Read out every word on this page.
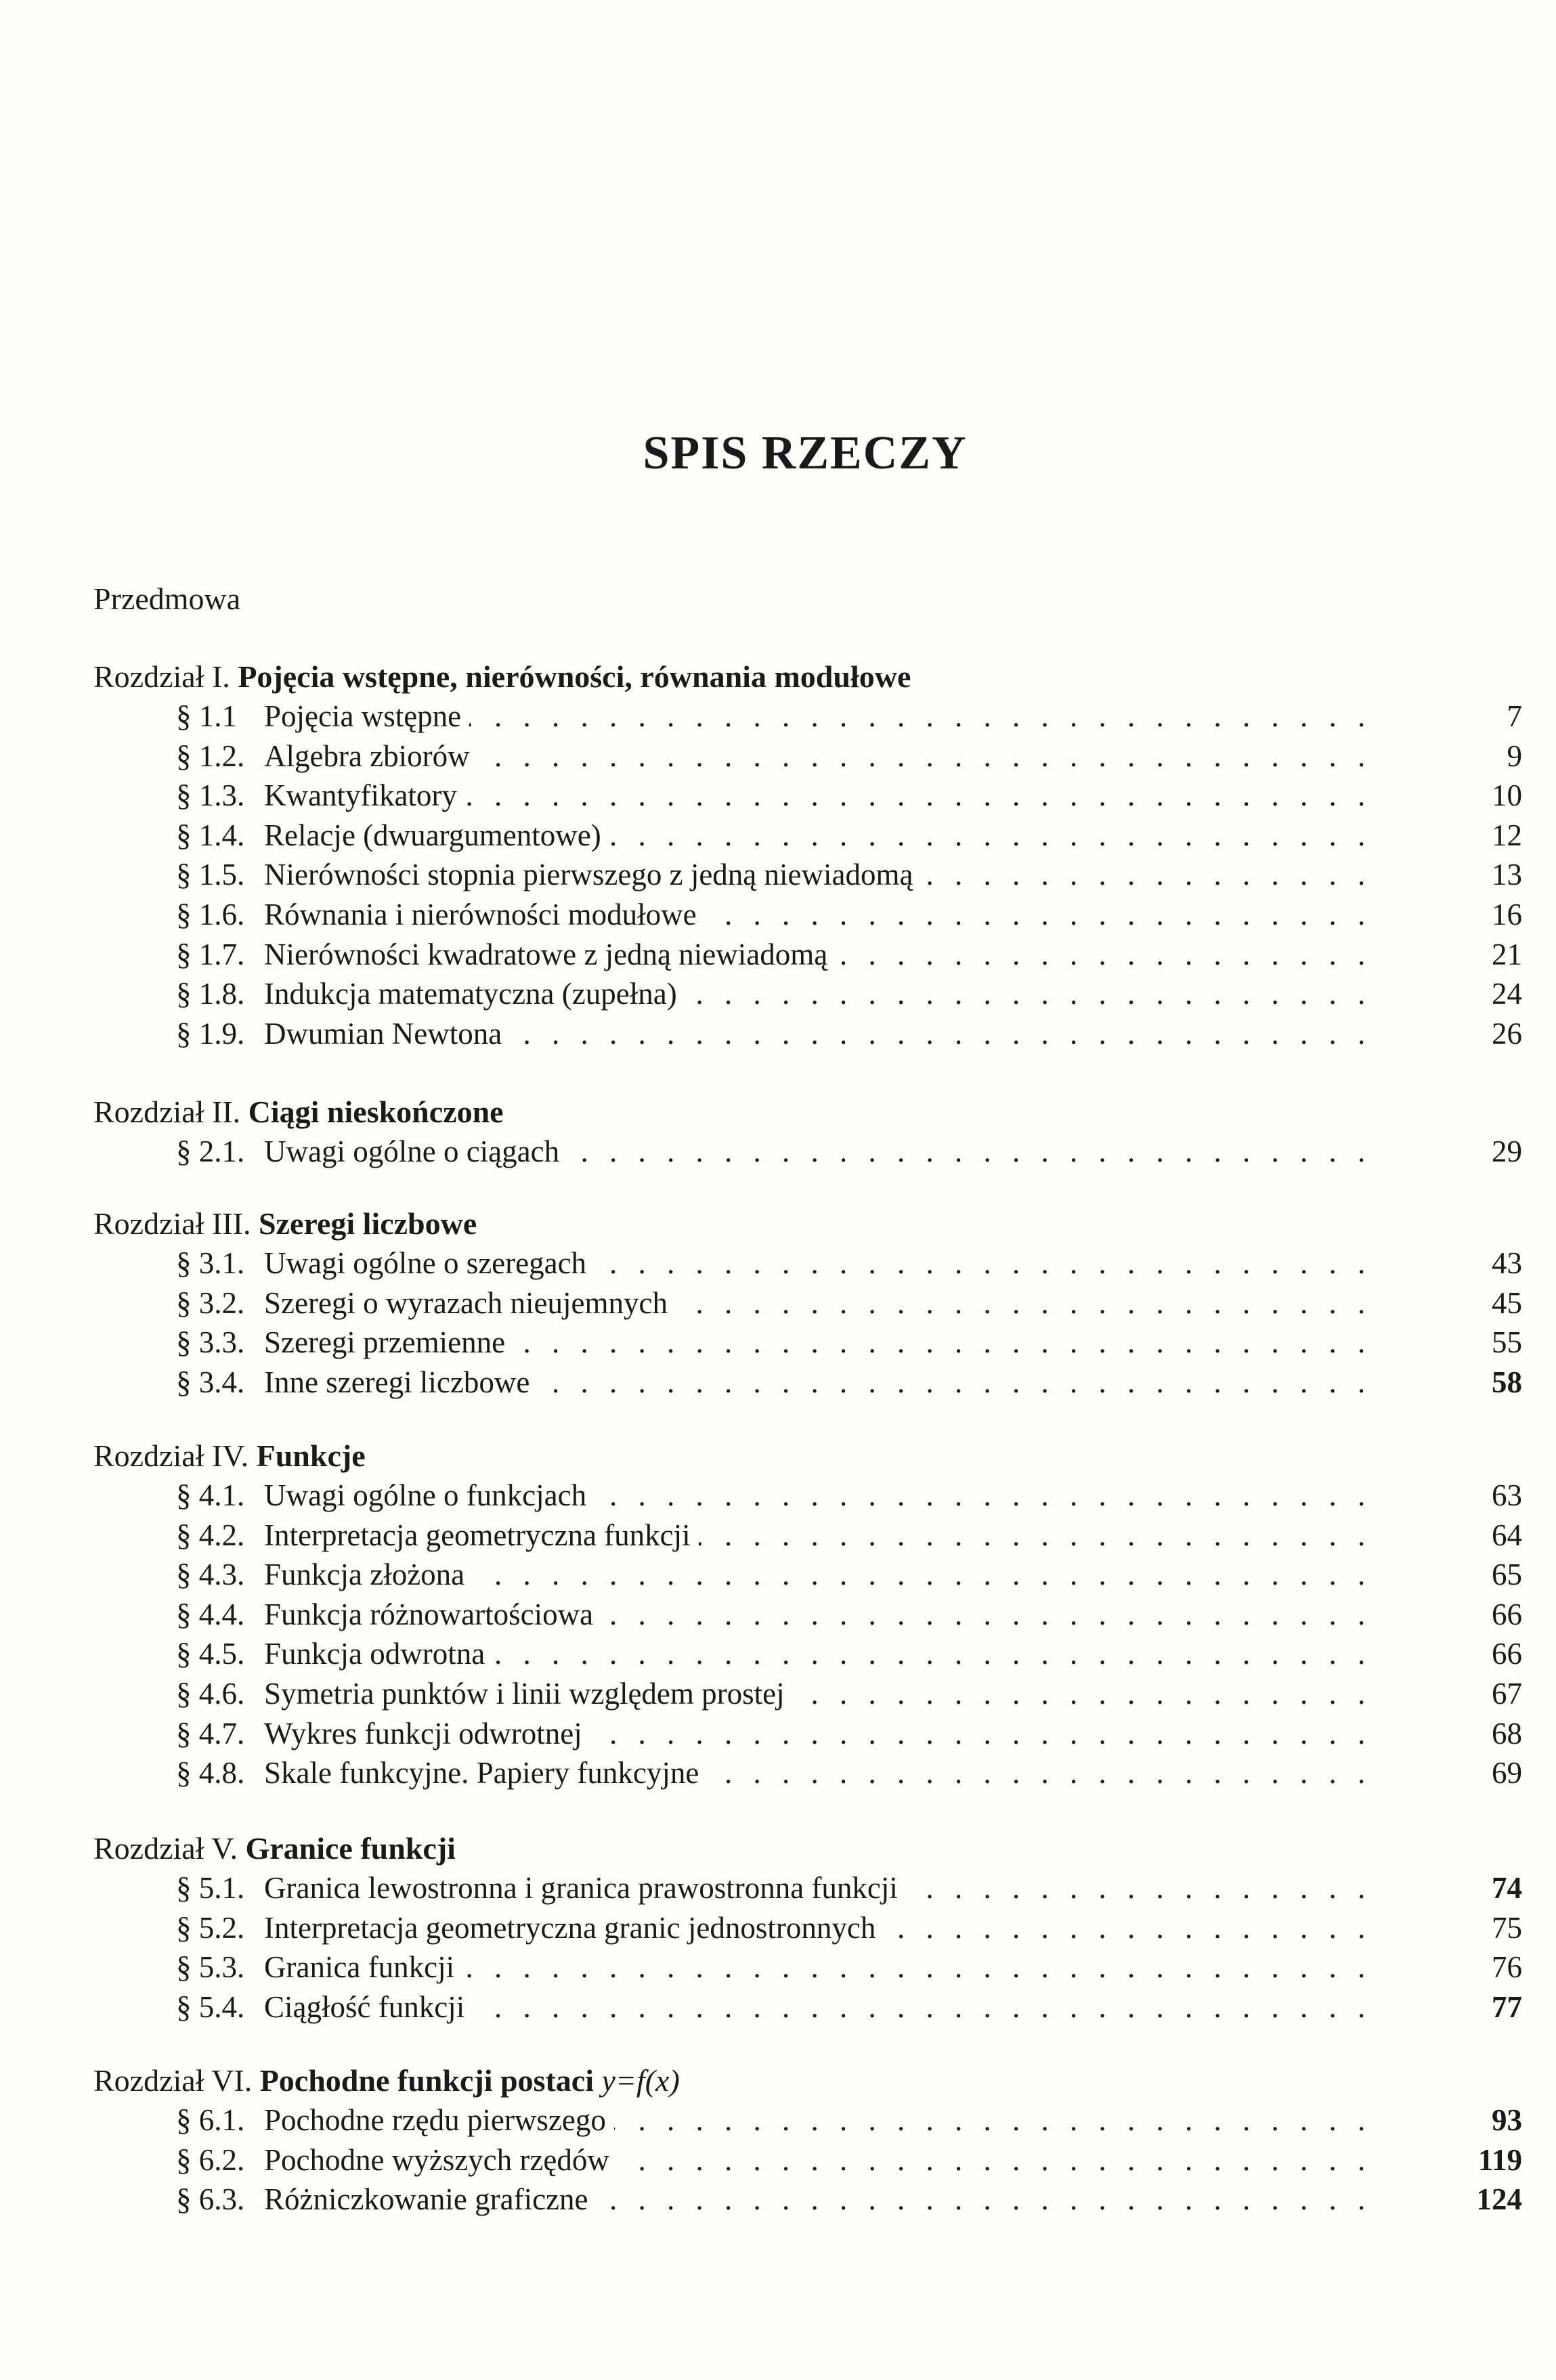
SPIS RZECZY
Przedmowa
Rozdział I. Pojęcia wstępne, nierówności, równania modułowe
§ 1.1 Pojęcia wstępne . . .	7
§ 1.2. Algebra zbiorów . . .	9
§ 1.3. Kwantyfikatory . . .	10
§ 1.4. Relacje (dwuargumentowe) . . .	12
§ 1.5. Nierówności stopnia pierwszego z jedną niewiadomą . . .	13
§ 1.6. Równania i nierówności modułowe . . .	16
§ 1.7. Nierówności kwadratowe z jedną niewiadomą . . .	21
§ 1.8. Indukcja matematyczna (zupełna) . . .	24
§ 1.9. Dwumian Newtona . . .	26
Rozdział II. Ciągi nieskończone
§ 2.1. Uwagi ogólne o ciągach . . .	29
Rozdział III. Szeregi liczbowe
§ 3.1. Uwagi ogólne o szeregach . . .	43
§ 3.2. Szeregi o wyrazach nieujemnych . . .	45
§ 3.3. Szeregi przemienne . . .	55
§ 3.4. Inne szeregi liczbowe . . .	58
Rozdział IV. Funkcje
§ 4.1. Uwagi ogólne o funkcjach . . .	63
§ 4.2. Interpretacja geometryczna funkcji . . .	64
§ 4.3. Funkcja złożona . . .	65
§ 4.4. Funkcja różnowartościowa . . .	66
§ 4.5. Funkcja odwrotna . . .	66
§ 4.6. Symetria punktów i linii względem prostej . . .	67
§ 4.7. Wykres funkcji odwrotnej . . .	68
§ 4.8. Skale funkcyjne. Papiery funkcyjne . . .	69
Rozdział V. Granice funkcji
§ 5.1. Granica lewostronna i granica prawostronna funkcji . . .	74
§ 5.2. Interpretacja geometryczna granic jednostronnych . . .	75
§ 5.3. Granica funkcji . . .	76
§ 5.4. Ciągłość funkcji . . .	77
Rozdział VI. Pochodne funkcji postaci y=f(x)
§ 6.1. Pochodne rzędu pierwszego . . .	93
§ 6.2. Pochodne wyższych rzędów . . .	119
§ 6.3. Różniczkowanie graficzne . . .	124
